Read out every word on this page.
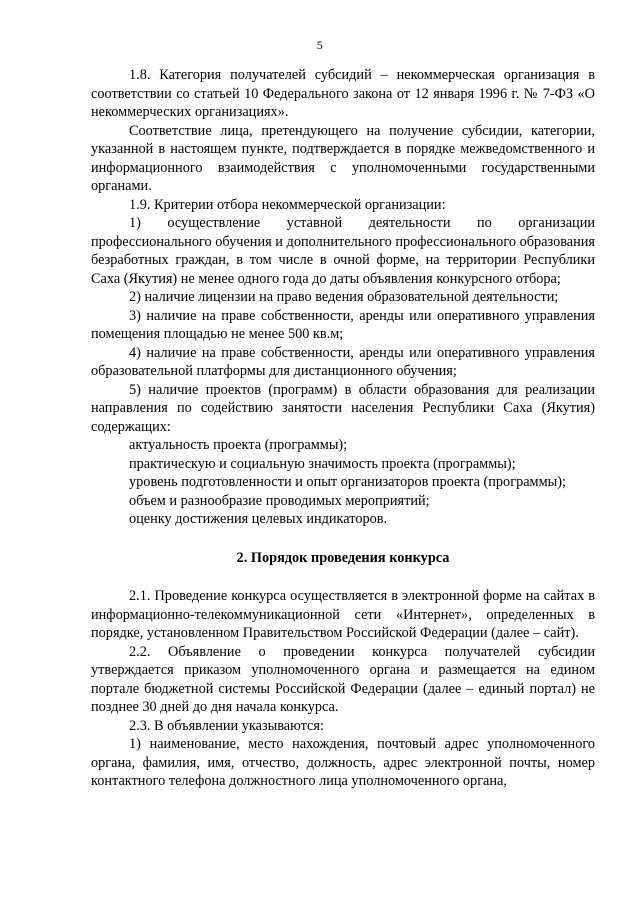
5

1.8. Категория получателей субсидий – некоммерческая организация в соответствии со статьей 10 Федерального закона от 12 января 1996 г. № 7-ФЗ «О некоммерческих организациях».

Соответствие лица, претендующего на получение субсидии, категории, указанной в настоящем пункте, подтверждается в порядке межведомственного и информационного взаимодействия с уполномоченными государственными органами.

1.9. Критерии отбора некоммерческой организации:

1) осуществление уставной деятельности по организации профессионального обучения и дополнительного профессионального образования безработных граждан, в том числе в очной форме, на территории Республики Саха (Якутия) не менее одного года до даты объявления конкурсного отбора;

2) наличие лицензии на право ведения образовательной деятельности;

3) наличие на праве собственности, аренды или оперативного управления помещения площадью не менее 500 кв.м;

4) наличие на праве собственности, аренды или оперативного управления образовательной платформы для дистанционного обучения;

5) наличие проектов (программ) в области образования для реализации направления по содействию занятости населения Республики Саха (Якутия) содержащих:

актуальность проекта (программы);

практическую и социальную значимость проекта (программы);

уровень подготовленности и опыт организаторов проекта (программы);

объем и разнообразие проводимых мероприятий;

оценку достижения целевых индикаторов.

2. Порядок проведения конкурса

2.1. Проведение конкурса осуществляется в электронной форме на сайтах в информационно-телекоммуникационной сети «Интернет», определенных в порядке, установленном Правительством Российской Федерации (далее – сайт).

2.2. Объявление о проведении конкурса получателей субсидии утверждается приказом уполномоченного органа и размещается на едином портале бюджетной системы Российской Федерации (далее – единый портал) не позднее 30 дней до дня начала конкурса.

2.3. В объявлении указываются:

1) наименование, место нахождения, почтовый адрес уполномоченного органа, фамилия, имя, отчество, должность, адрес электронной почты, номер контактного телефона должностного лица уполномоченного органа,
